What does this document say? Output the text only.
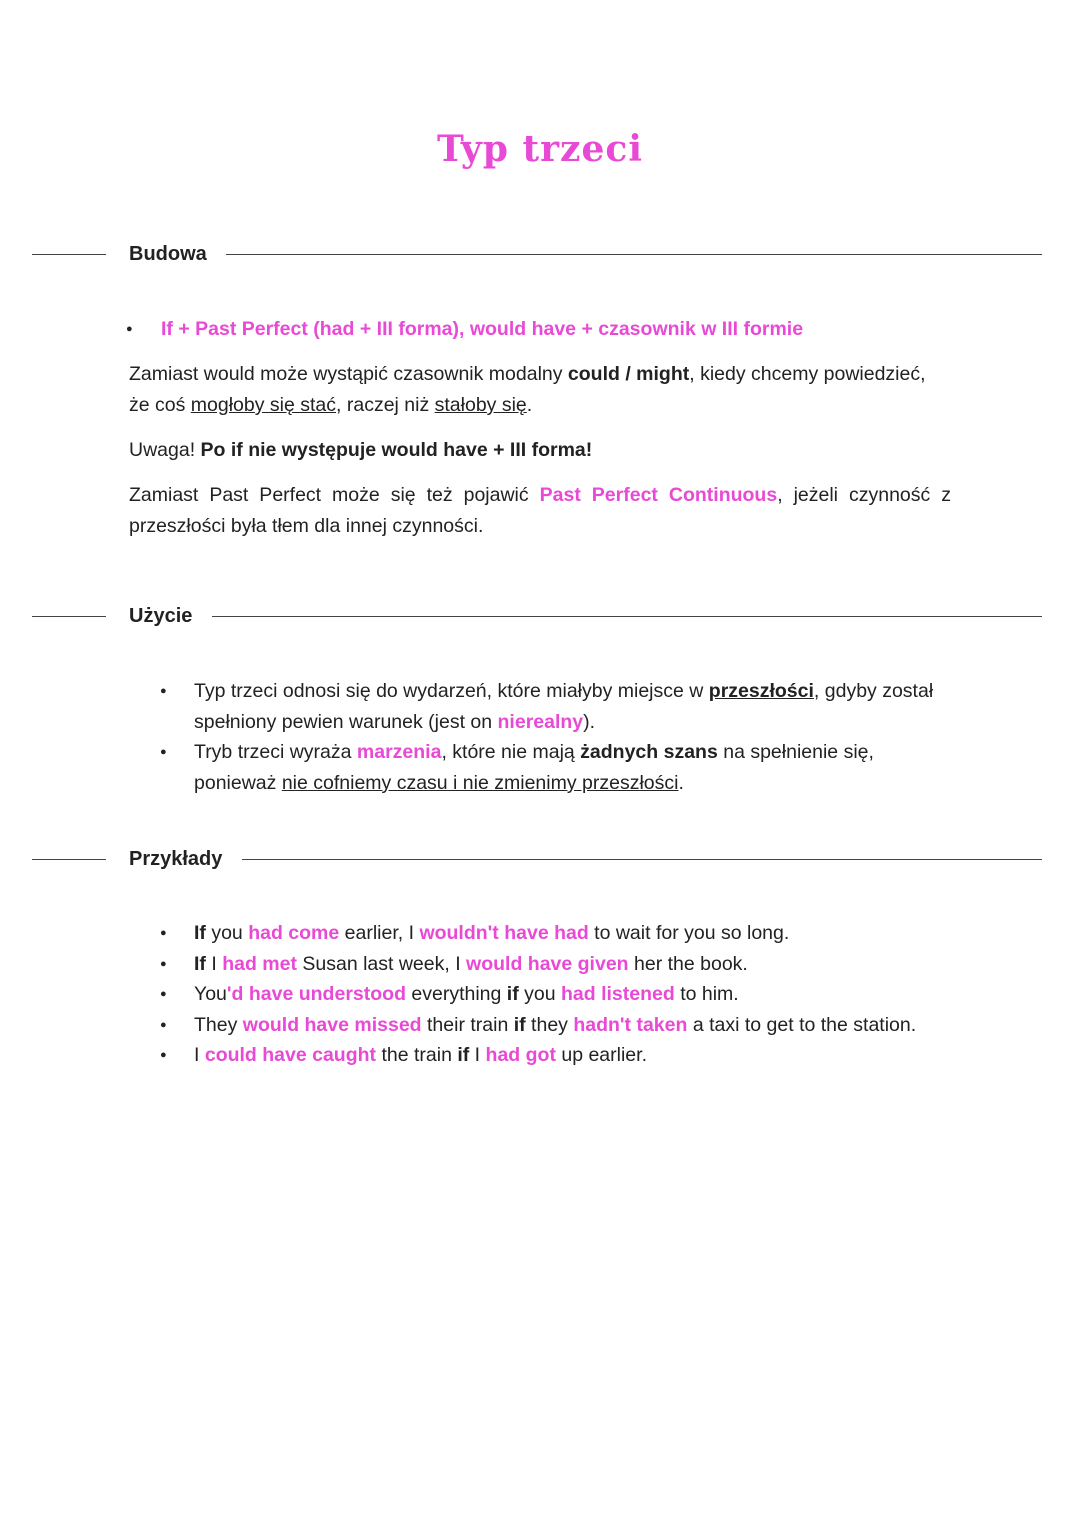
Typ trzeci
Budowa
● If + Past Perfect (had + III forma), would have + czasownik w III formie

Zamiast would może wystąpić czasownik modalny could / might, kiedy chcemy powiedzieć, że coś mogłoby się stać, raczej niż stałoby się.

Uwaga! Po if nie występuje would have + III forma!

Zamiast Past Perfect może się też pojawić Past Perfect Continuous, jeżeli czynność z przeszłości była tłem dla innej czynności.

Użycie
● Typ trzeci odnosi się do wydarzeń, które miałyby miejsce w przeszłości, gdyby został spełniony pewien warunek (jest on nierealny).
● Tryb trzeci wyraża marzenia, które nie mają żadnych szans na spełnienie się, ponieważ nie cofniemy czasu i nie zmienimy przeszłości.
Przykłady
● If you had come earlier, I wouldn't have had to wait for you so long.
● If I had met Susan last week, I would have given her the book.
● You'd have understood everything if you had listened to him.
● They would have missed their train if they hadn't taken a taxi to get to the station.
● I could have caught the train if I had got up earlier.
